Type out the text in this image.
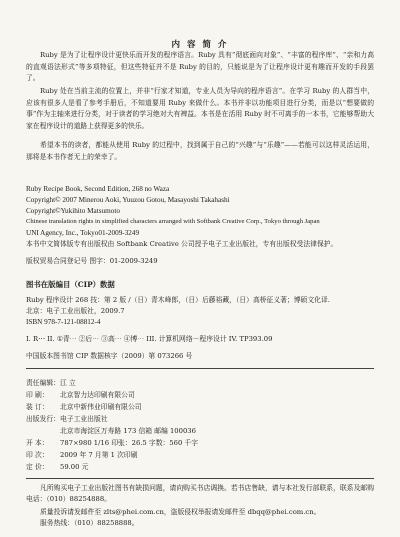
内 容 简 介
Ruby 是为了让程序设计更快乐而开发的程序语言。Ruby 具有“彻底面向对象”、“丰富的程序库”、“亲和力高的直观语法形式”等多项特征，但这些特征并不是 Ruby 的目的，只能说是为了让程序设计更有趣而开发的手段罢了。
Ruby 处在当前主流的位置上，并非“行家才知道，专业人员为导向的程序语言”。在学习 Ruby 的人群当中，应该有很多人是看了参考手册后，不知道要用 Ruby 来做什么。本书并非以功能项目进行分类，而是以“想要做的事”作为主轴来进行分类，对于读者的学习绝对大有裨益。本书是在活用 Ruby 时不可离手的一本书，它能够帮助大家在程序设计的道路上获得更多的快乐。
希望本书的读者，都能从使用 Ruby 的过程中，找到属于自己的“兴趣”与“乐趣”——若能可以这样灵活运用，那将是本书作者无上的荣幸了。
Ruby Recipe Book, Second Edition, 268 no Waza
Copyright© 2007 Minerou Aoki, Yuuzou Gotou, Masayoshi Takahashi
Copyright©Yukihito Matsumoto
Chinese translation rights in simplified characters arranged with Softbank Creative Corp., Tokyo through Japan
UNI Agency, Inc., Tokyo01-2009-3249
本书中文简体版专有出版权由 Softbank Creative 公司授予电子工业出版社，专有出版权受法律保护。
版权贸易合同登记号 图字：01-2009-3249
图书在版编目（CIP）数据
Ruby 程序设计 268 技：第 2 版 /（日）青木峰郎，（日）后藤裕藏，（日）高桥征义著；博硕文化译.
北京：电子工业出版社，2009.7
ISBN 978-7-121-08812-4
I. R⋯ II. ①青⋯ ②后⋯ ③高⋯ ④博⋯ III. 计算机网络－程序设计 IV. TP393.09
中国版本图书馆 CIP 数据核字（2009）第 073266 号
责任编辑：江 立
印 刷： 北京智力达印刷有限公司
装 订： 北京中新伟业印刷有限公司
出版发行：电子工业出版社
北京市海淀区万寿路 173 信箱 邮编 100036
开 本： 787×980 1/16 印张：26.5 字数：560 千字
印 次： 2009 年 7 月第 1 次印刷
定 价： 59.00 元
凡所购买电子工业出版社图书有缺损问题，请向购买书店调换。若书店售缺，请与本社发行部联系，联系及邮购电话：（010）88254888。
质量投诉请发邮件至 zlts@phei.com.cn，盗版侵权举报请发邮件至 dbqq@phei.com.cn。
服务热线：（010）88258888。
